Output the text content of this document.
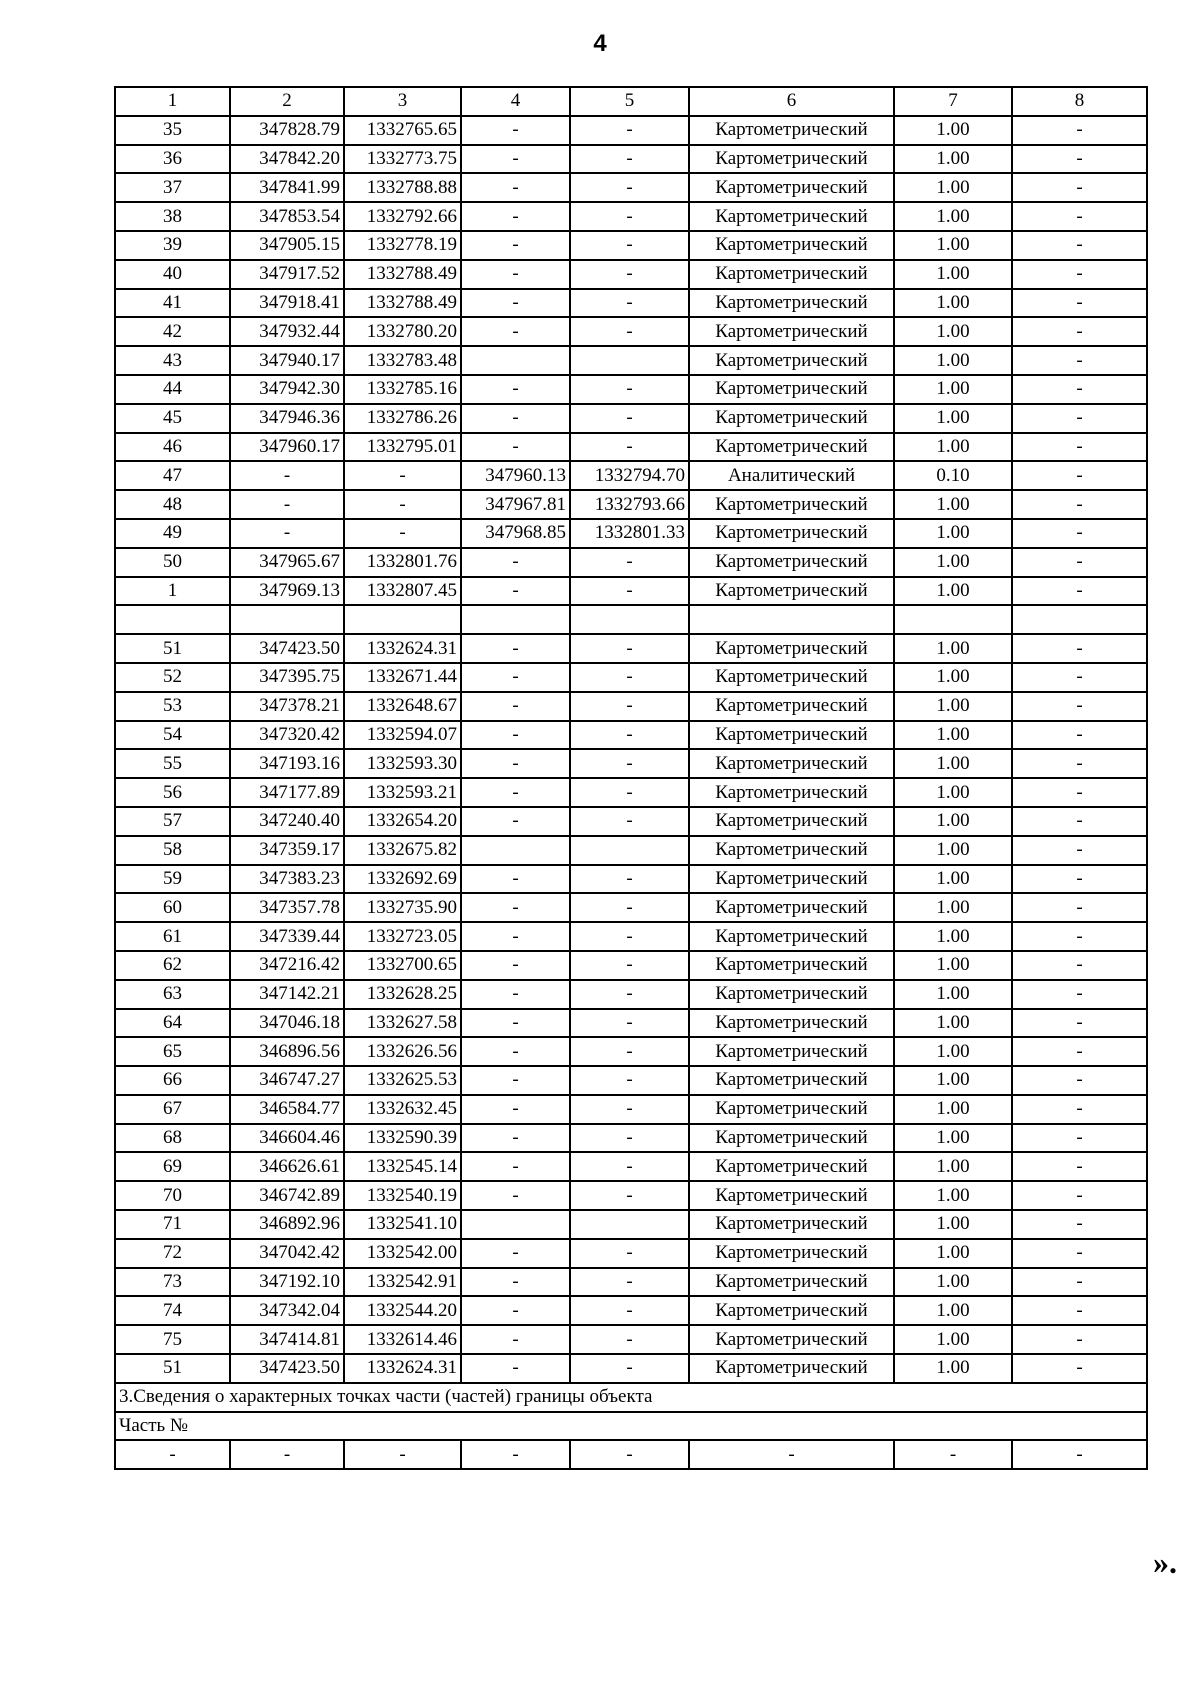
4
1	2	3	4	5	6	7	8
35	347828.79	1332765.65	-	-	Картометрический	1.00	-
36	347842.20	1332773.75	-	-	Картометрический	1.00	-
37	347841.99	1332788.88	-	-	Картометрический	1.00	-
38	347853.54	1332792.66	-	-	Картометрический	1.00	-
39	347905.15	1332778.19	-	-	Картометрический	1.00	-
40	347917.52	1332788.49	-	-	Картометрический	1.00	-
41	347918.41	1332788.49	-	-	Картометрический	1.00	-
42	347932.44	1332780.20	-	-	Картометрический	1.00	-
43	347940.17	1332783.48			Картометрический	1.00	-
44	347942.30	1332785.16	-	-	Картометрический	1.00	-
45	347946.36	1332786.26	-	-	Картометрический	1.00	-
46	347960.17	1332795.01	-	-	Картометрический	1.00	-
47	-	-	347960.13	1332794.70	Аналитический	0.10	-
48	-	-	347967.81	1332793.66	Картометрический	1.00	-
49	-	-	347968.85	1332801.33	Картометрический	1.00	-
50	347965.67	1332801.76	-	-	Картометрический	1.00	-
1	347969.13	1332807.45	-	-	Картометрический	1.00	-

51	347423.50	1332624.31	-	-	Картометрический	1.00	-
52	347395.75	1332671.44	-	-	Картометрический	1.00	-
53	347378.21	1332648.67	-	-	Картометрический	1.00	-
54	347320.42	1332594.07	-	-	Картометрический	1.00	-
55	347193.16	1332593.30	-	-	Картометрический	1.00	-
56	347177.89	1332593.21	-	-	Картометрический	1.00	-
57	347240.40	1332654.20	-	-	Картометрический	1.00	-
58	347359.17	1332675.82			Картометрический	1.00	-
59	347383.23	1332692.69	-	-	Картометрический	1.00	-
60	347357.78	1332735.90	-	-	Картометрический	1.00	-
61	347339.44	1332723.05	-	-	Картометрический	1.00	-
62	347216.42	1332700.65	-	-	Картометрический	1.00	-
63	347142.21	1332628.25	-	-	Картометрический	1.00	-
64	347046.18	1332627.58	-	-	Картометрический	1.00	-
65	346896.56	1332626.56	-	-	Картометрический	1.00	-
66	346747.27	1332625.53	-	-	Картометрический	1.00	-
67	346584.77	1332632.45	-	-	Картометрический	1.00	-
68	346604.46	1332590.39	-	-	Картометрический	1.00	-
69	346626.61	1332545.14	-	-	Картометрический	1.00	-
70	346742.89	1332540.19	-	-	Картометрический	1.00	-
71	346892.96	1332541.10			Картометрический	1.00	-
72	347042.42	1332542.00	-	-	Картометрический	1.00	-
73	347192.10	1332542.91	-	-	Картометрический	1.00	-
74	347342.04	1332544.20	-	-	Картометрический	1.00	-
75	347414.81	1332614.46	-	-	Картометрический	1.00	-
51	347423.50	1332624.31	-	-	Картометрический	1.00	-
3.Сведения о характерных точках части (частей) границы объекта							
Часть №							
-	-	-	-	-	-	-	-
».
